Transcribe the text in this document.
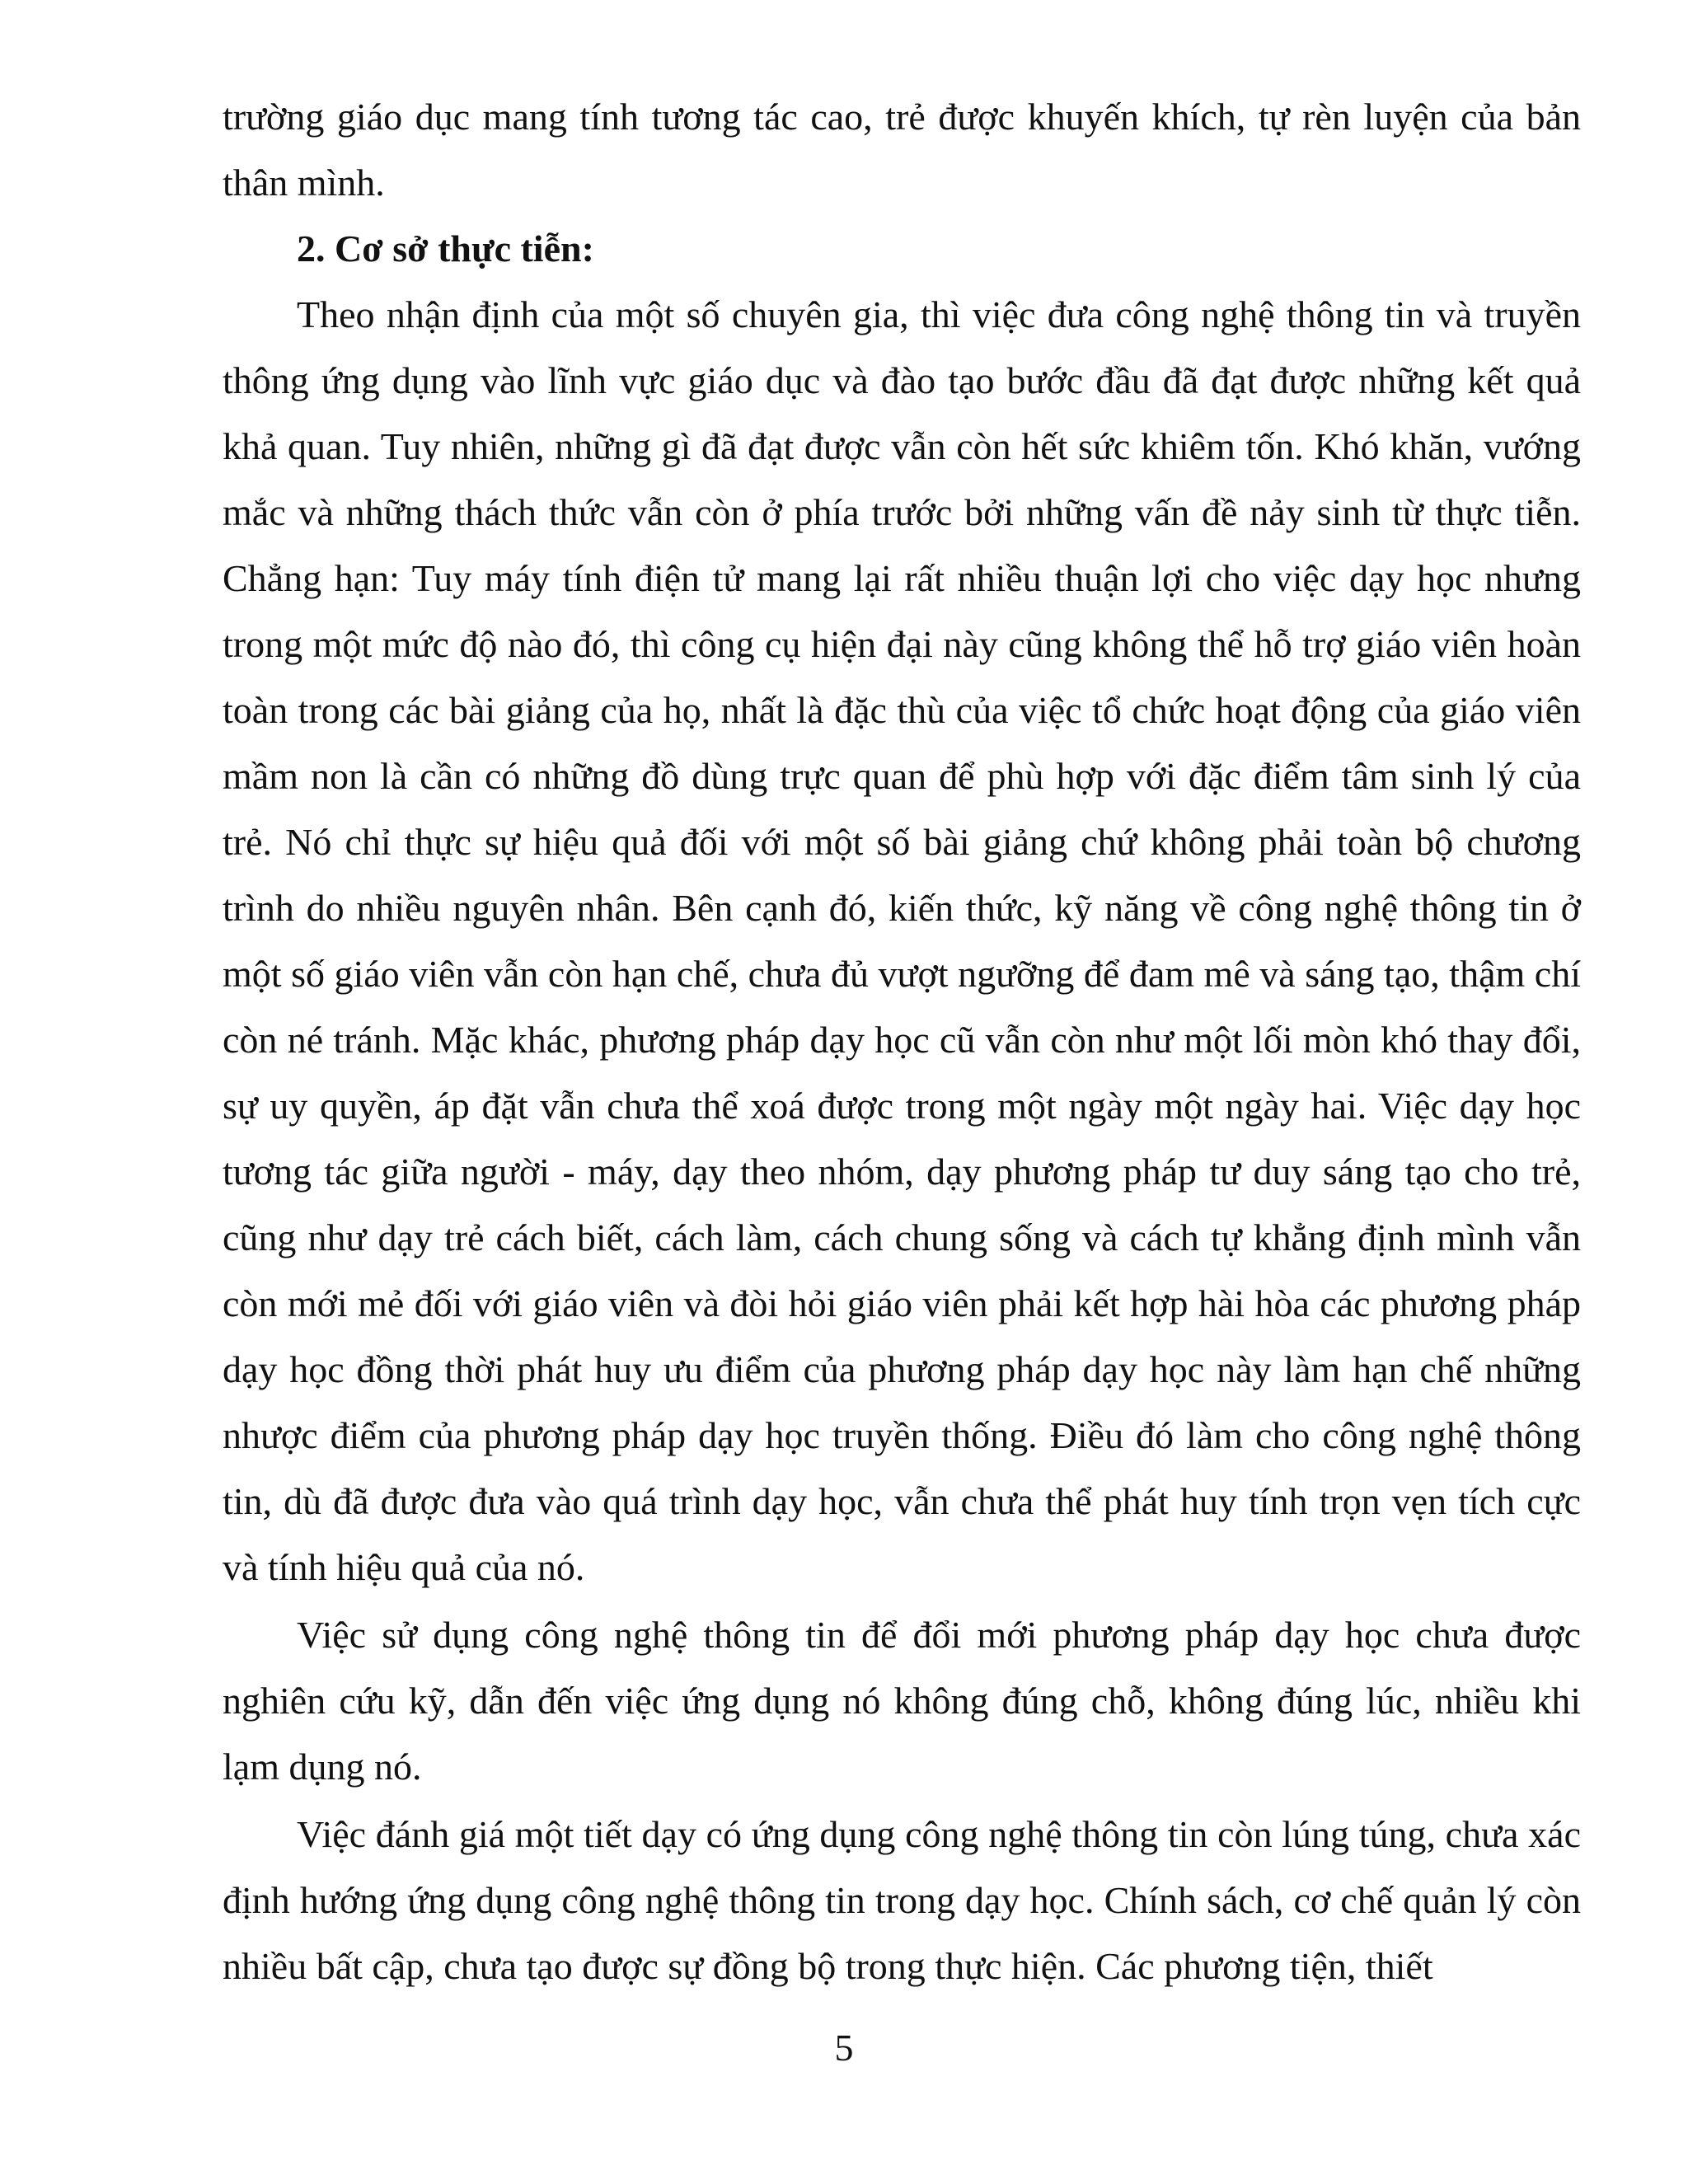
trường giáo dục mang tính tương tác cao, trẻ được khuyến khích, tự rèn luyện của bản thân mình.

2. Cơ sở thực tiễn:

Theo nhận định của một số chuyên gia, thì việc đưa công nghệ thông tin và truyền thông ứng dụng vào lĩnh vực giáo dục và đào tạo bước đầu đã đạt được những kết quả khả quan. Tuy nhiên, những gì đã đạt được vẫn còn hết sức khiêm tốn. Khó khăn, vướng mắc và những thách thức vẫn còn ở phía trước bởi những vấn đề nảy sinh từ thực tiễn. Chẳng hạn: Tuy máy tính điện tử mang lại rất nhiều thuận lợi cho việc dạy học nhưng trong một mức độ nào đó, thì công cụ hiện đại này cũng không thể hỗ trợ giáo viên hoàn toàn trong các bài giảng của họ, nhất là đặc thù của việc tổ chức hoạt động của giáo viên mầm non là cần có những đồ dùng trực quan để phù hợp với đặc điểm tâm sinh lý của trẻ. Nó chỉ thực sự hiệu quả đối với một số bài giảng chứ không phải toàn bộ chương trình do nhiều nguyên nhân. Bên cạnh đó, kiến thức, kỹ năng về công nghệ thông tin ở một số giáo viên vẫn còn hạn chế, chưa đủ vượt ngưỡng để đam mê và sáng tạo, thậm chí còn né tránh. Mặc khác, phương pháp dạy học cũ vẫn còn như một lối mòn khó thay đổi, sự uy quyền, áp đặt vẫn chưa thể xoá được trong một ngày một ngày hai. Việc dạy học tương tác giữa người - máy, dạy theo nhóm, dạy phương pháp tư duy sáng tạo cho trẻ, cũng như dạy trẻ cách biết, cách làm, cách chung sống và cách tự khẳng định mình vẫn còn mới mẻ đối với giáo viên và đòi hỏi giáo viên phải kết hợp hài hòa các phương pháp dạy học đồng thời phát huy ưu điểm của phương pháp dạy học này làm hạn chế những nhược điểm của phương pháp dạy học truyền thống. Điều đó làm cho công nghệ thông tin, dù đã được đưa vào quá trình dạy học, vẫn chưa thể phát huy tính trọn vẹn tích cực và tính hiệu quả của nó.

Việc sử dụng công nghệ thông tin để đổi mới phương pháp dạy học chưa được nghiên cứu kỹ, dẫn đến việc ứng dụng nó không đúng chỗ, không đúng lúc, nhiều khi lạm dụng nó.

Việc đánh giá một tiết dạy có ứng dụng công nghệ thông tin còn lúng túng, chưa xác định hướng ứng dụng công nghệ thông tin trong dạy học. Chính sách, cơ chế quản lý còn nhiều bất cập, chưa tạo được sự đồng bộ trong thực hiện. Các phương tiện, thiết

5
